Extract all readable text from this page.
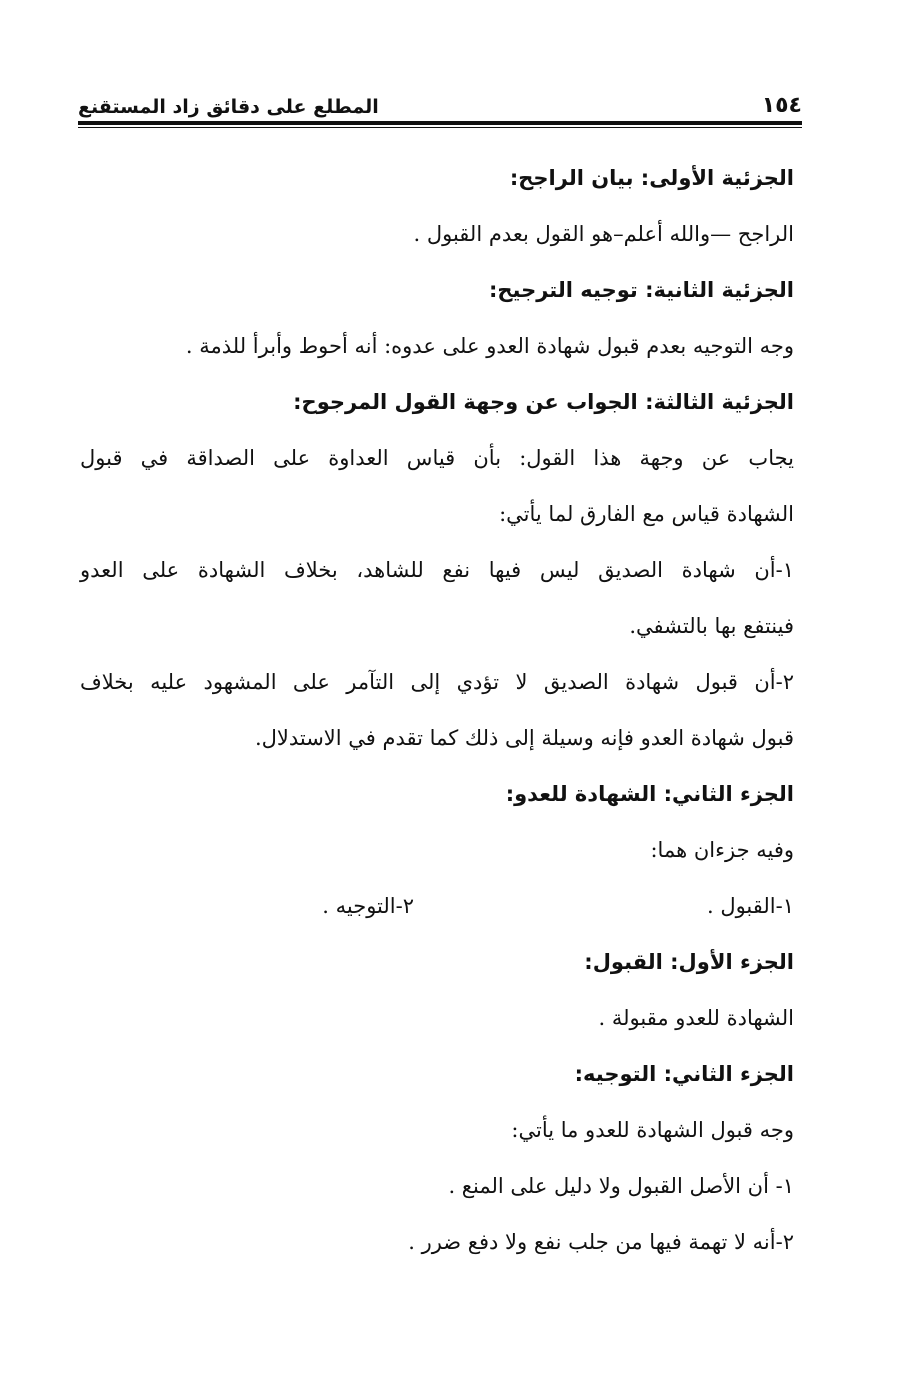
١٥٤
المطلع على دقائق زاد المستقنع
الجزئية الأولى: بيان الراجح:
الراجح —والله أعلم–هو القول بعدم القبول .
الجزئية الثانية: توجيه الترجيح:
وجه التوجيه بعدم قبول شهادة العدو على عدوه: أنه أحوط وأبرأ للذمة .
الجزئية الثالثة: الجواب عن وجهة القول المرجوح:
يجاب عن وجهة هذا القول: بأن قياس العداوة على الصداقة في قبول
الشهادة قياس مع الفارق لما يأتي:
١-أن شهادة الصديق ليس فيها نفع للشاهد، بخلاف الشهادة على العدو
فينتفع بها بالتشفي.
٢-أن قبول شهادة الصديق لا تؤدي إلى التآمر على المشهود عليه بخلاف
قبول شهادة العدو فإنه وسيلة إلى ذلك كما تقدم في الاستدلال.
الجزء الثاني: الشهادة للعدو:
وفيه جزءان هما:
١-القبول .
٢-التوجيه .
الجزء الأول: القبول:
الشهادة للعدو مقبولة .
الجزء الثاني: التوجيه:
وجه قبول الشهادة للعدو ما يأتي:
١- أن الأصل القبول ولا دليل على المنع .
٢-أنه لا تهمة فيها من جلب نفع ولا دفع ضرر .
